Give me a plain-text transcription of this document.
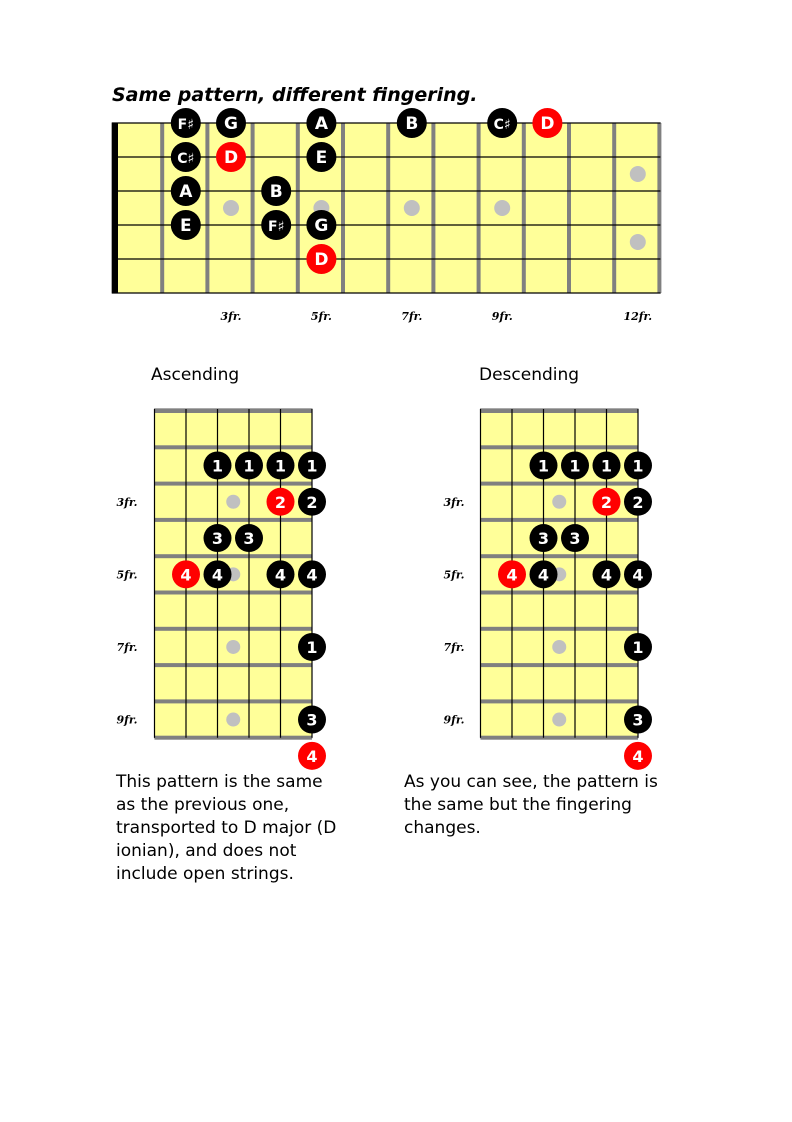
Same pattern, different fingering.
3fr.	5fr.	7fr.	9fr.	12fr.
F♯ G	A	B	C♯ D
C♯ D	E
A	B
E	F♯ G
D
3fr.
5fr.
7fr.
9fr.
1 1 1 1
2 2
3 3
4 4	4 4
1
3
4
3fr.
5fr.
7fr.
9fr.
1 1 1 1
2 2
3 3
4 4	4 4
1
3
4
Ascending	Descending
This pattern is the same
as the previous one,
transported to D major (D
ionian), and does not
include open strings.
As you can see, the pattern is
the same but the fingering
changes.
